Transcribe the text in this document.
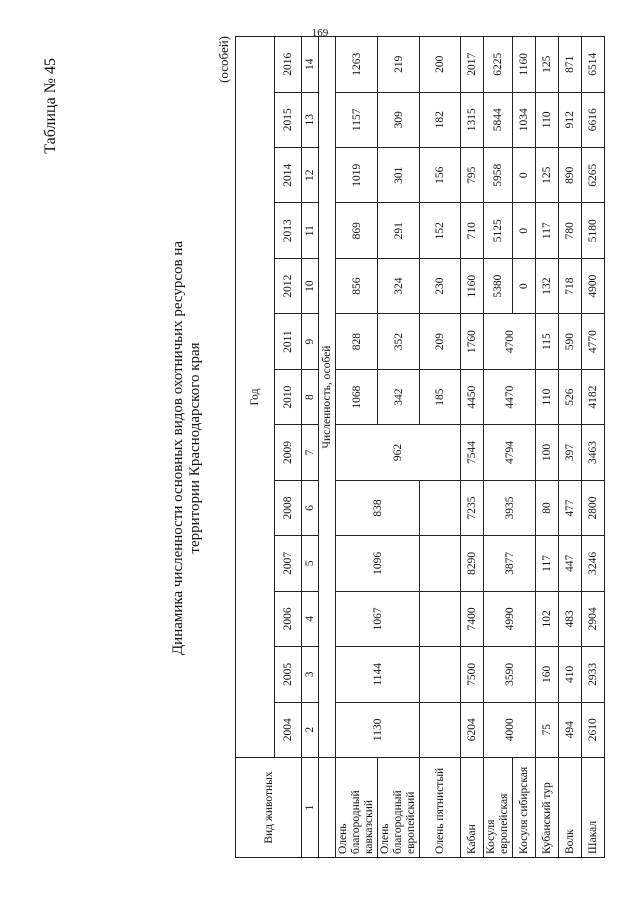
169
Таблица № 45
Динамика численности основных видов охотничьих ресурсов на территории Краснодарского края
(особей)
Вид животных	Год												
	2004	2005	2006	2007	2008	2009	2010	2011	2012	2013	2014	2015	2016
1	2	3	4	5	6	7	8	9	10	11	12	13	14
	Численность, особей												
Олень благородный кавказский	1130	1144	1067	1096	838	962	1068	828	856	869	1019	1157	1263
Олень благородный европейский							342	352	324	291	301	309	219
Олень пятнистый							185	209	230	152	156	182	200
Кабан	6204	7500	7400	8290	7235	7544	4450	1760	1160	710	795	1315	2017
Косуля европейская	4000	3590	4990	3877	3935	4794	4470	4700	5380	5125	5958	5844	6225
Косуля сибирская									0	0	0	1034	1160
Кубанский тур	75	160	102	117	80	100	110	115	132	117	125	110	125
Волк	494	410	483	447	477	397	526	590	718	780	890	912	871
Шакал	2610	2933	2904	3246	2800	3463	4182	4770	4900	5180	6265	6616	6514
